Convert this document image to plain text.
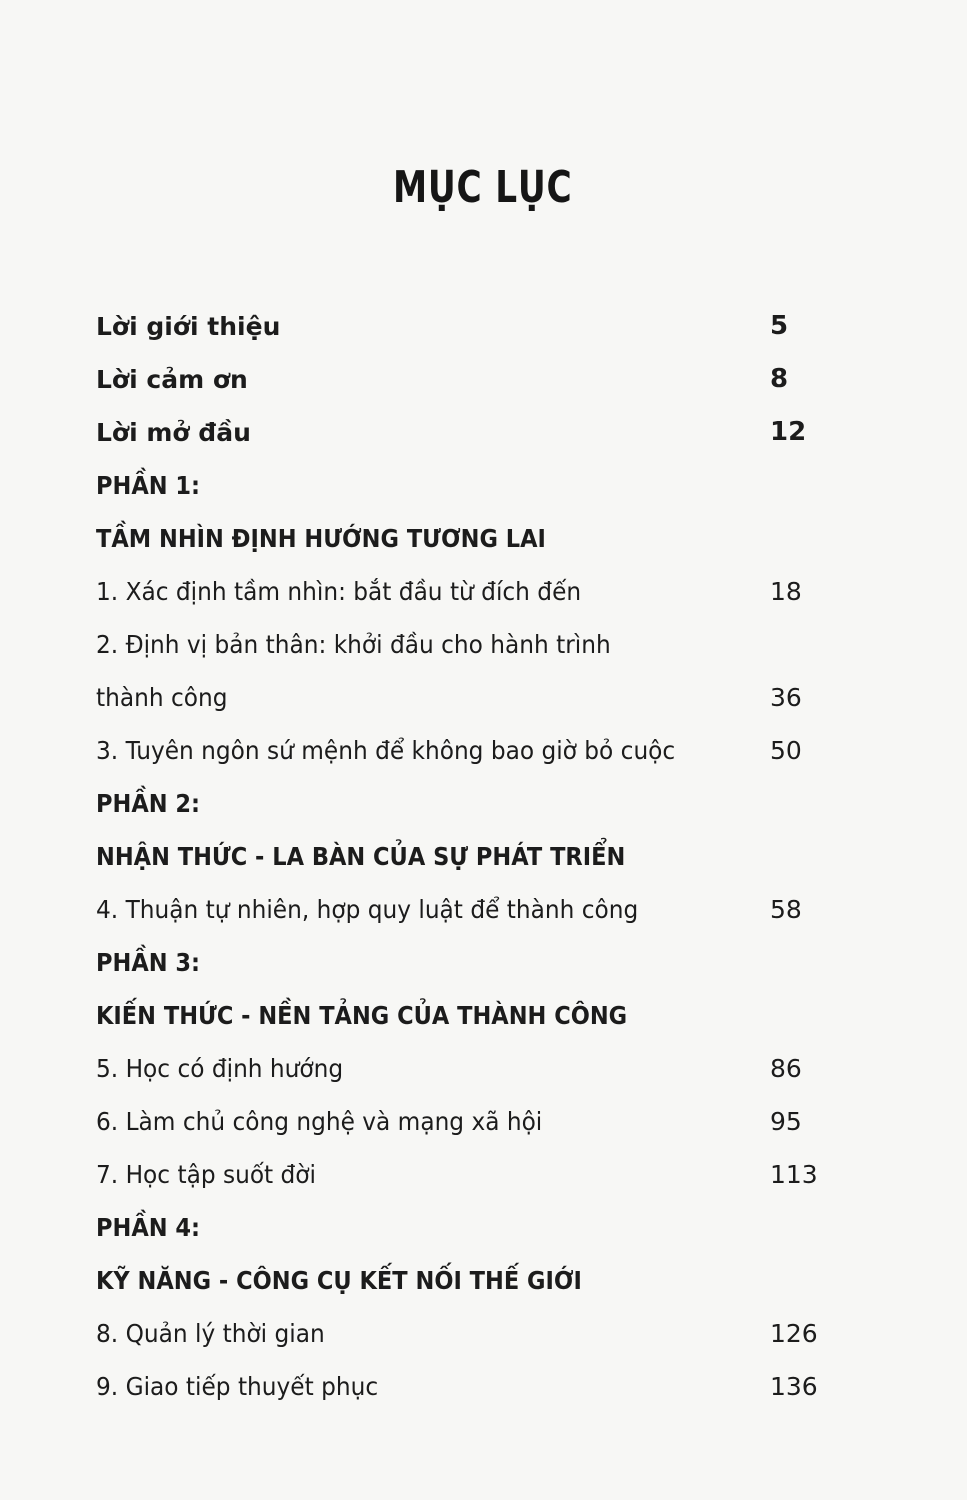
MỤC LỤC
Lời giới thiệu	5
Lời cảm ơn	8
Lời mở đầu	12
PHẦN 1:
TẦM NHÌN ĐỊNH HƯỚNG TƯƠNG LAI
1. Xác định tầm nhìn: bắt đầu từ đích đến	18
2. Định vị bản thân: khởi đầu cho hành trình
thành công	36
3. Tuyên ngôn sứ mệnh để không bao giờ bỏ cuộc	50
PHẦN 2:
NHẬN THỨC - LA BÀN CỦA SỰ PHÁT TRIỂN
4. Thuận tự nhiên, hợp quy luật để thành công	58
PHẦN 3:
KIẾN THỨC - NỀN TẢNG CỦA THÀNH CÔNG
5. Học có định hướng	86
6. Làm chủ công nghệ và mạng xã hội	95
7. Học tập suốt đời	113
PHẦN 4:
KỸ NĂNG - CÔNG CỤ KẾT NỐI THẾ GIỚI
8. Quản lý thời gian	126
9. Giao tiếp thuyết phục	136
